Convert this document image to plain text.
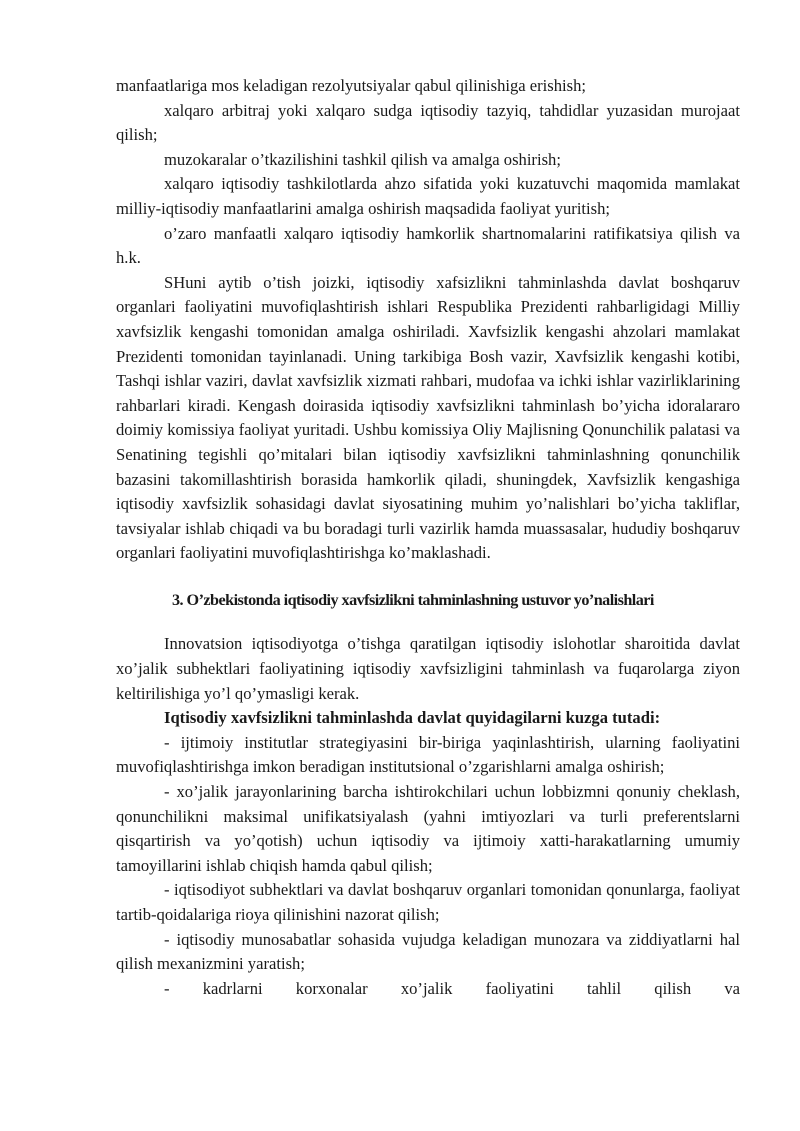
manfaatlariga mos keladigan rezolyutsiyalar qabul qilinishiga erishish;

xalqaro arbitraj yoki xalqaro sudga iqtisodiy tazyiq, tahdidlar yuzasidan murojaat qilish;

muzokaralar o’tkazilishini tashkil qilish va amalga oshirish;

xalqaro iqtisodiy tashkilotlarda ahzo sifatida yoki kuzatuvchi maqomida mamlakat milliy-iqtisodiy manfaatlarini amalga oshirish maqsadida faoliyat yuritish;

o’zaro manfaatli xalqaro iqtisodiy hamkorlik shartnomalarini ratifikatsiya qilish va h.k.

SHuni aytib o’tish joizki, iqtisodiy xafsizlikni tahminlashda davlat boshqaruv organlari faoliyatini muvofiqlashtirish ishlari Respublika Prezidenti rahbarligidagi Milliy xavfsizlik kengashi tomonidan amalga oshiriladi. Xavfsizlik kengashi ahzolari mamlakat Prezidenti tomonidan tayinlanadi. Uning tarkibiga Bosh vazir, Xavfsizlik kengashi kotibi, Tashqi ishlar vaziri, davlat xavfsizlik xizmati rahbari, mudofaa va ichki ishlar vazirliklarining rahbarlari kiradi. Kengash doirasida iqtisodiy xavfsizlikni tahminlash bo’yicha idoralararo doimiy komissiya faoliyat yuritadi. Ushbu komissiya Oliy Majlisning Qonunchilik palatasi va Senatining tegishli qo’mitalari bilan iqtisodiy xavfsizlikni tahminlashning qonunchilik bazasini takomillashtirish borasida hamkorlik qiladi, shuningdek, Xavfsizlik kengashiga iqtisodiy xavfsizlik sohasidagi davlat siyosatining muhim yo’nalishlari bo’yicha takliflar, tavsiyalar ishlab chiqadi va bu boradagi turli vazirlik hamda muassasalar, hududiy boshqaruv organlari faoliyatini muvofiqlashtirishga ko’maklashadi.

3. O’zbekistonda iqtisodiy xavfsizlikni tahminlashning ustuvor yo’nalishlari

Innovatsion iqtisodiyotga o’tishga qaratilgan iqtisodiy islohotlar sharoitida davlat xo’jalik subhektlari faoliyatining iqtisodiy xavfsizligini tahminlash va fuqarolarga ziyon keltirilishiga yo’l qo’ymasligi kerak.

Iqtisodiy xavfsizlikni tahminlashda davlat quyidagilarni kuzga tutadi:

- ijtimoiy institutlar strategiyasini bir-biriga yaqinlashtirish, ularning faoliyatini muvofiqlashtirishga imkon beradigan institutsional o’zgarishlarni amalga oshirish;

- xo’jalik jarayonlarining barcha ishtirokchilari uchun lobbizmni qonuniy cheklash, qonunchilikni maksimal unifikatsiyalash (yahni imtiyozlari va turli preferentslarni qisqartirish va yo’qotish) uchun iqtisodiy va ijtimoiy xatti-harakatlarning umumiy tamoyillarini ishlab chiqish hamda qabul qilish;

- iqtisodiyot subhektlari va davlat boshqaruv organlari tomonidan qonunlarga, faoliyat tartib-qoidalariga rioya qilinishini nazorat qilish;

- iqtisodiy munosabatlar sohasida vujudga keladigan munozara va ziddiyatlarni hal qilish mexanizmini yaratish;

- kadrlarni korxonalar xo’jalik faoliyatini tahlil qilish va
